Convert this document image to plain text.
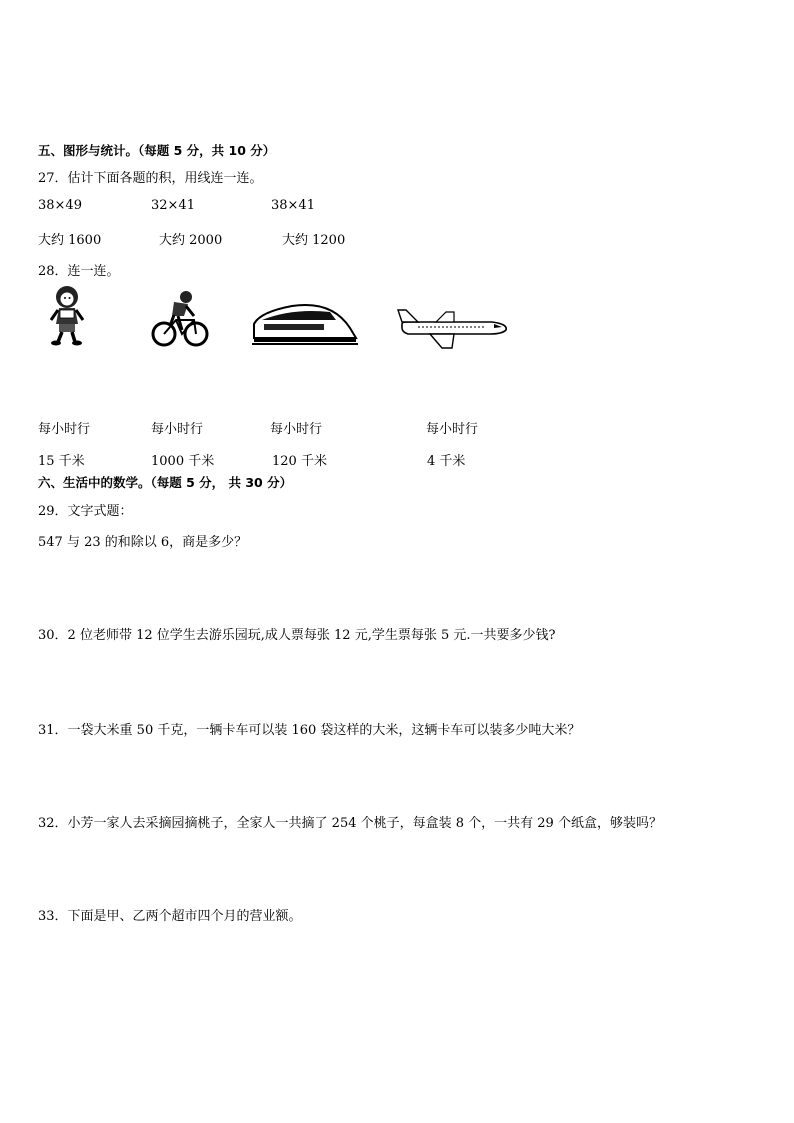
五、图形与统计。（每题 5 分，共 10 分）
27．估计下面各题的积，用线连一连。
38×49	32×41	38×41
大约 1600	大约 2000	大约 1200
28．连一连。
每小时行	每小时行	每小时行	每小时行
15 千米	1000 千米	120 千米	4 千米
六、生活中的数学。（每题 5 分， 共 30 分）
29．文字式题：
547 与 23 的和除以 6，商是多少？
30．2 位老师带 12 位学生去游乐园玩,成人票每张 12 元,学生票每张 5 元.一共要多少钱?
31．一袋大米重 50 千克，一辆卡车可以装 160 袋这样的大米，这辆卡车可以装多少吨大米？
32．小芳一家人去采摘园摘桃子，全家人一共摘了 254 个桃子，每盒装 8 个，一共有 29 个纸盒，够装吗？
33．下面是甲、乙两个超市四个月的营业额。
